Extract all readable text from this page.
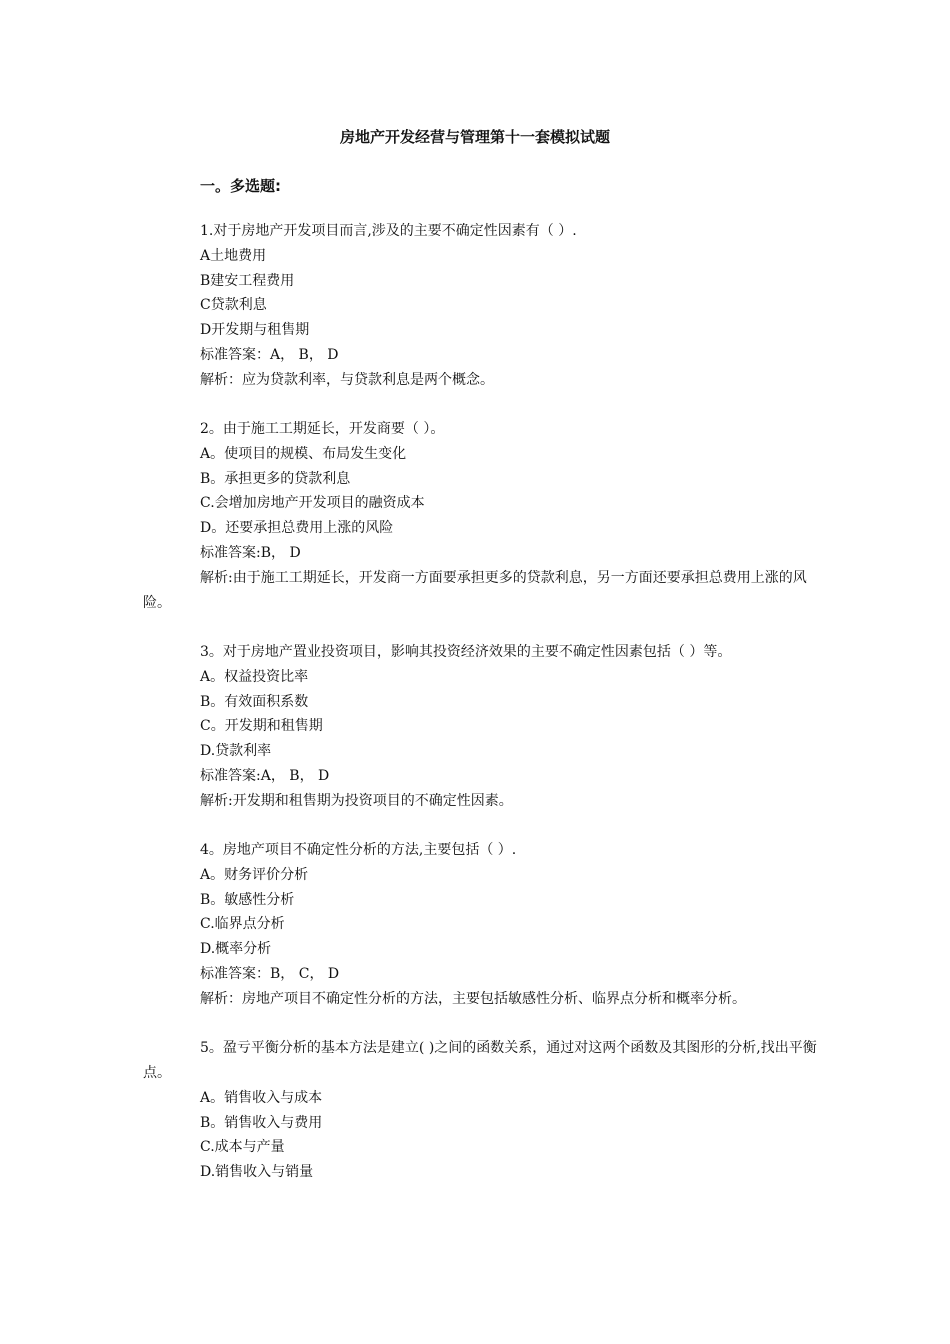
房地产开发经营与管理第十一套模拟试题
一。多选题:
1.对于房地产开发项目而言,涉及的主要不确定性因素有（ ）.
A土地费用
B建安工程费用
C贷款利息
D开发期与租售期
标准答案：A， B， D
解析：应为贷款利率，与贷款利息是两个概念。
2。由于施工工期延长，开发商要（ ）。
A。使项目的规模、布局发生变化
B。承担更多的贷款利息
C.会增加房地产开发项目的融资成本
D。还要承担总费用上涨的风险
标准答案:B， D
解析:由于施工工期延长，开发商一方面要承担更多的贷款利息，另一方面还要承担总费用上涨的风险。
3。对于房地产置业投资项目，影响其投资经济效果的主要不确定性因素包括（ ）等。
A。权益投资比率
B。有效面积系数
C。开发期和租售期
D.贷款利率
标准答案:A， B， D
解析:开发期和租售期为投资项目的不确定性因素。
4。房地产项目不确定性分析的方法,主要包括（ ）.
A。财务评价分析
B。敏感性分析
C.临界点分析
D.概率分析
标准答案：B， C， D
解析：房地产项目不确定性分析的方法，主要包括敏感性分析、临界点分析和概率分析。
5。盈亏平衡分析的基本方法是建立( )之间的函数关系，通过对这两个函数及其图形的分析,找出平衡点。
A。销售收入与成本
B。销售收入与费用
C.成本与产量
D.销售收入与销量
